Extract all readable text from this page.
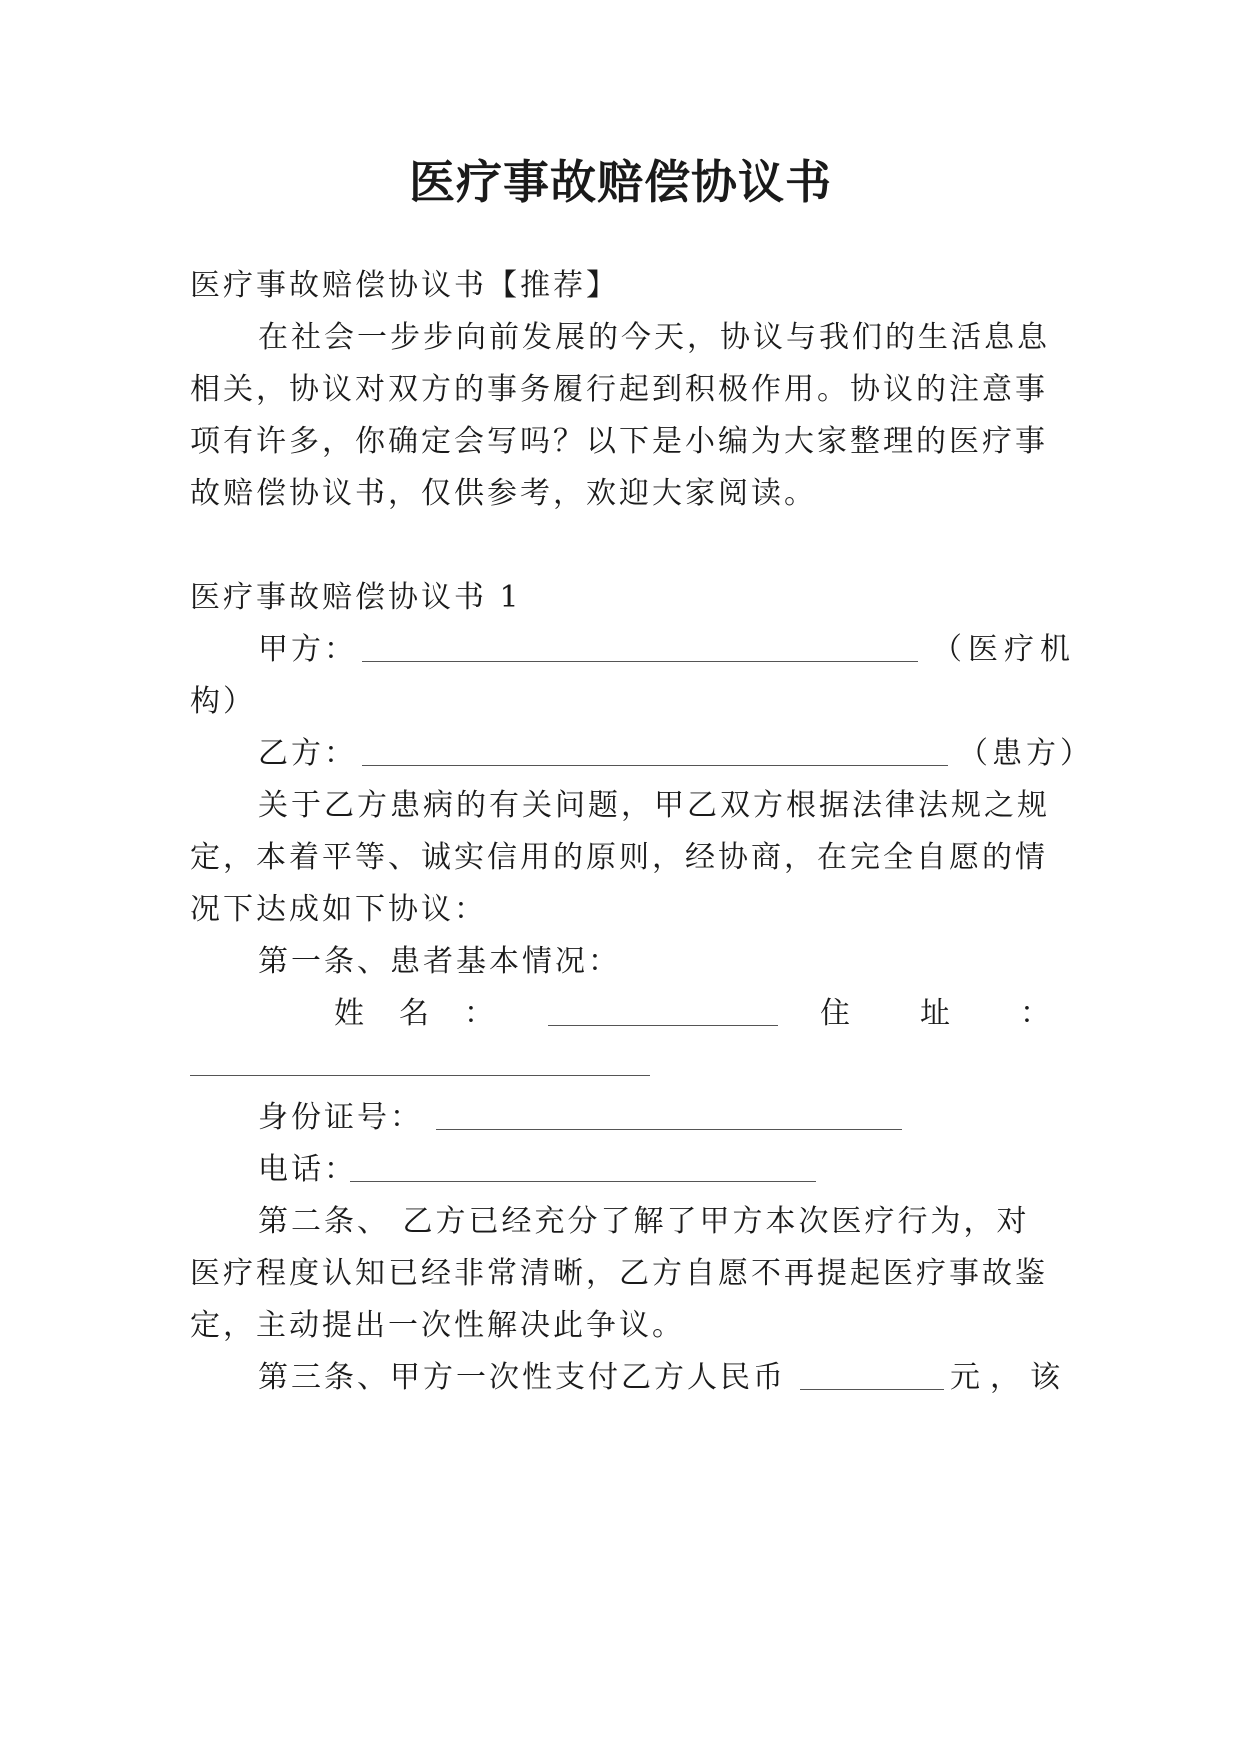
医疗事故赔偿协议书
医疗事故赔偿协议书【推荐】
在社会一步步向前发展的今天，协议与我们的生活息息
相关，协议对双方的事务履行起到积极作用。协议的注意事
项有许多，你确定会写吗？以下是小编为大家整理的医疗事
故赔偿协议书，仅供参考，欢迎大家阅读。
医疗事故赔偿协议书 1
甲方：	（医疗机
构）
乙方：	（患方）
关于乙方患病的有关问题，甲乙双方根据法律法规之规
定，本着平等、诚实信用的原则，经协商，在完全自愿的情
况下达成如下协议：
第一条、患者基本情况：
姓 名 ：	住 址 ：
身份证号：
电话：
第二条、 乙方已经充分了解了甲方本次医疗行为，对
医疗程度认知已经非常清晰，乙方自愿不再提起医疗事故鉴
定，主动提出一次性解决此争议。
第三条、甲方一次性支付乙方人民币	元，该
